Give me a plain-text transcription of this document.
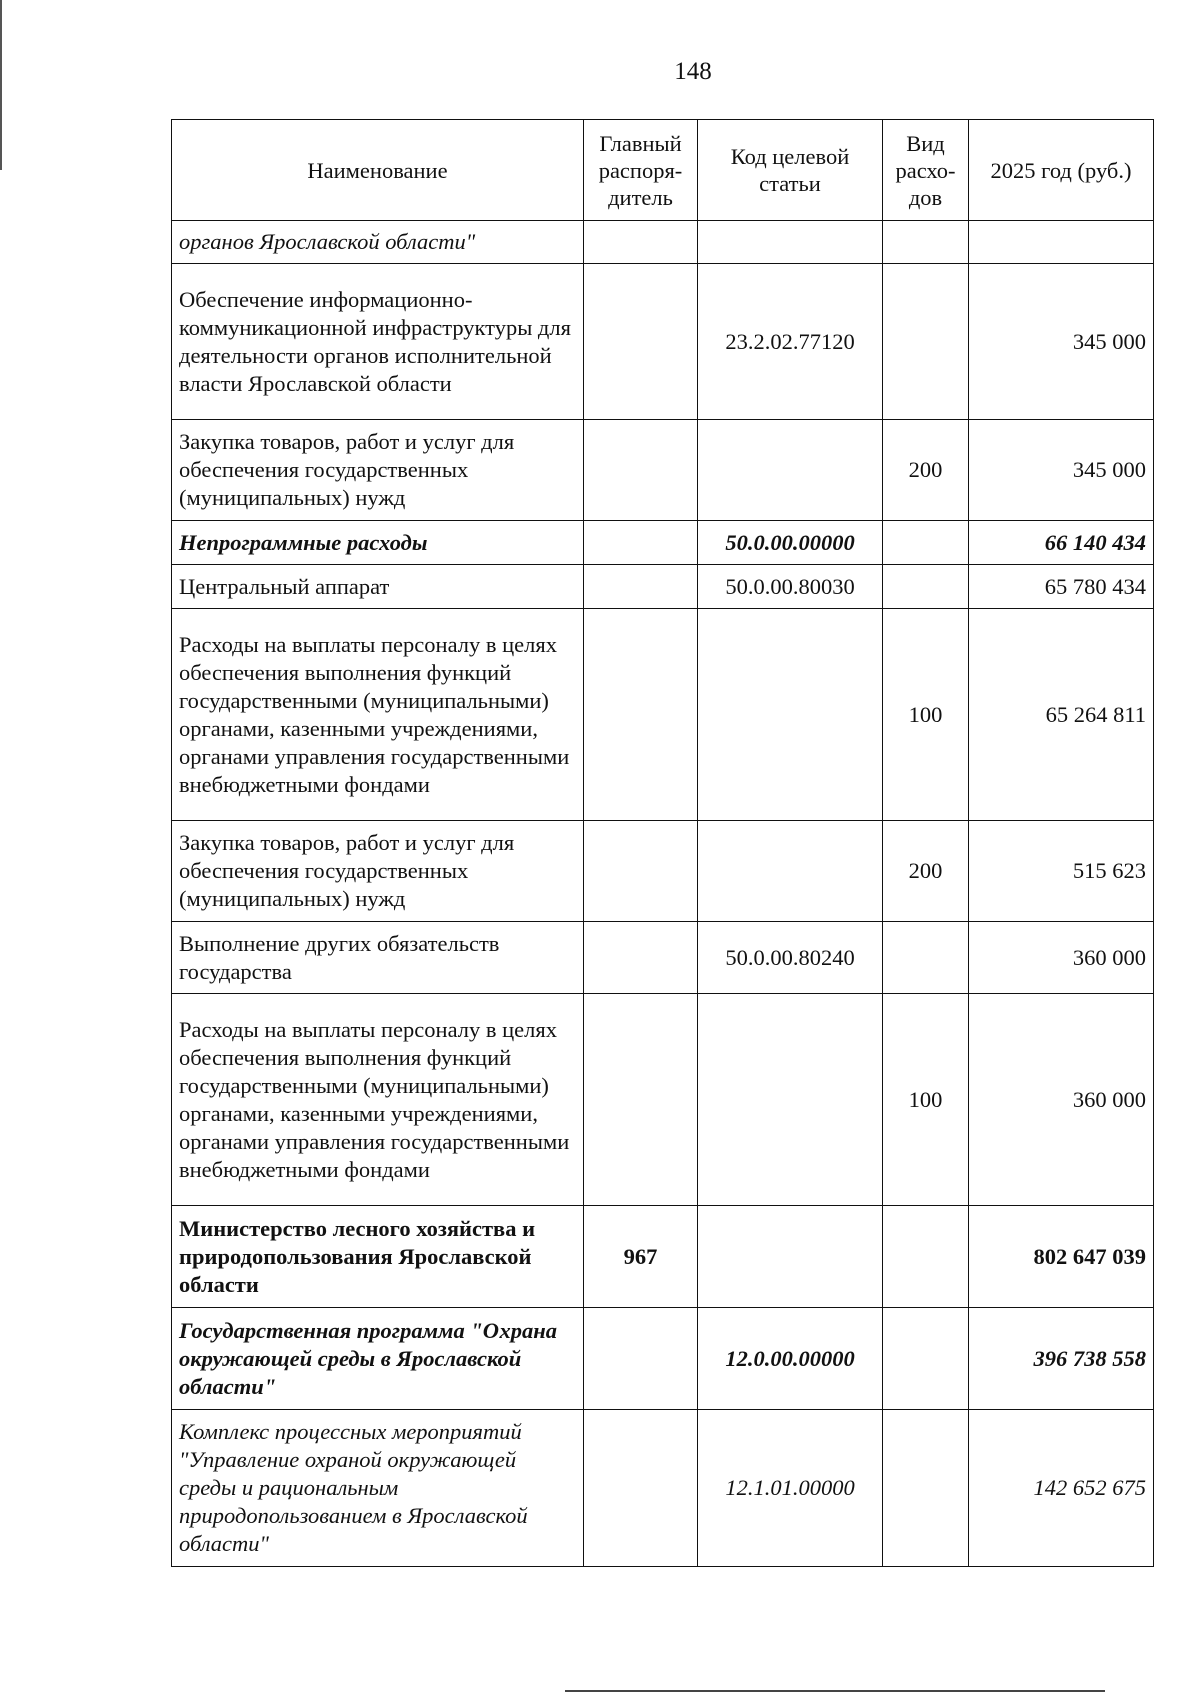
148
Наименование	Главный распоря-дитель	Код целевой статьи	Вид расхо-дов	2025 год (руб.)
органов Ярославской области"				
Обеспечение информационно-коммуникационной инфраструктуры для деятельности органов исполнительной власти Ярославской области		23.2.02.77120		345 000
Закупка товаров, работ и услуг для обеспечения государственных (муниципальных) нужд			200	345 000
Непрограммные расходы		50.0.00.00000		66 140 434
Центральный аппарат		50.0.00.80030		65 780 434
Расходы на выплаты персоналу в целях обеспечения выполнения функций государственными (муниципальными) органами, казенными учреждениями, органами управления государственными внебюджетными фондами			100	65 264 811
Закупка товаров, работ и услуг для обеспечения государственных (муниципальных) нужд			200	515 623
Выполнение других обязательств государства		50.0.00.80240		360 000
Расходы на выплаты персоналу в целях обеспечения выполнения функций государственными (муниципальными) органами, казенными учреждениями, органами управления государственными внебюджетными фондами			100	360 000
Министерство лесного хозяйства и природопользования Ярославской области	967			802 647 039
Государственная программа "Охрана окружающей среды в Ярославской области"		12.0.00.00000		396 738 558
Комплекс процессных мероприятий "Управление охраной окружающей среды и рациональным природопользованием в Ярославской области"		12.1.01.00000		142 652 675
